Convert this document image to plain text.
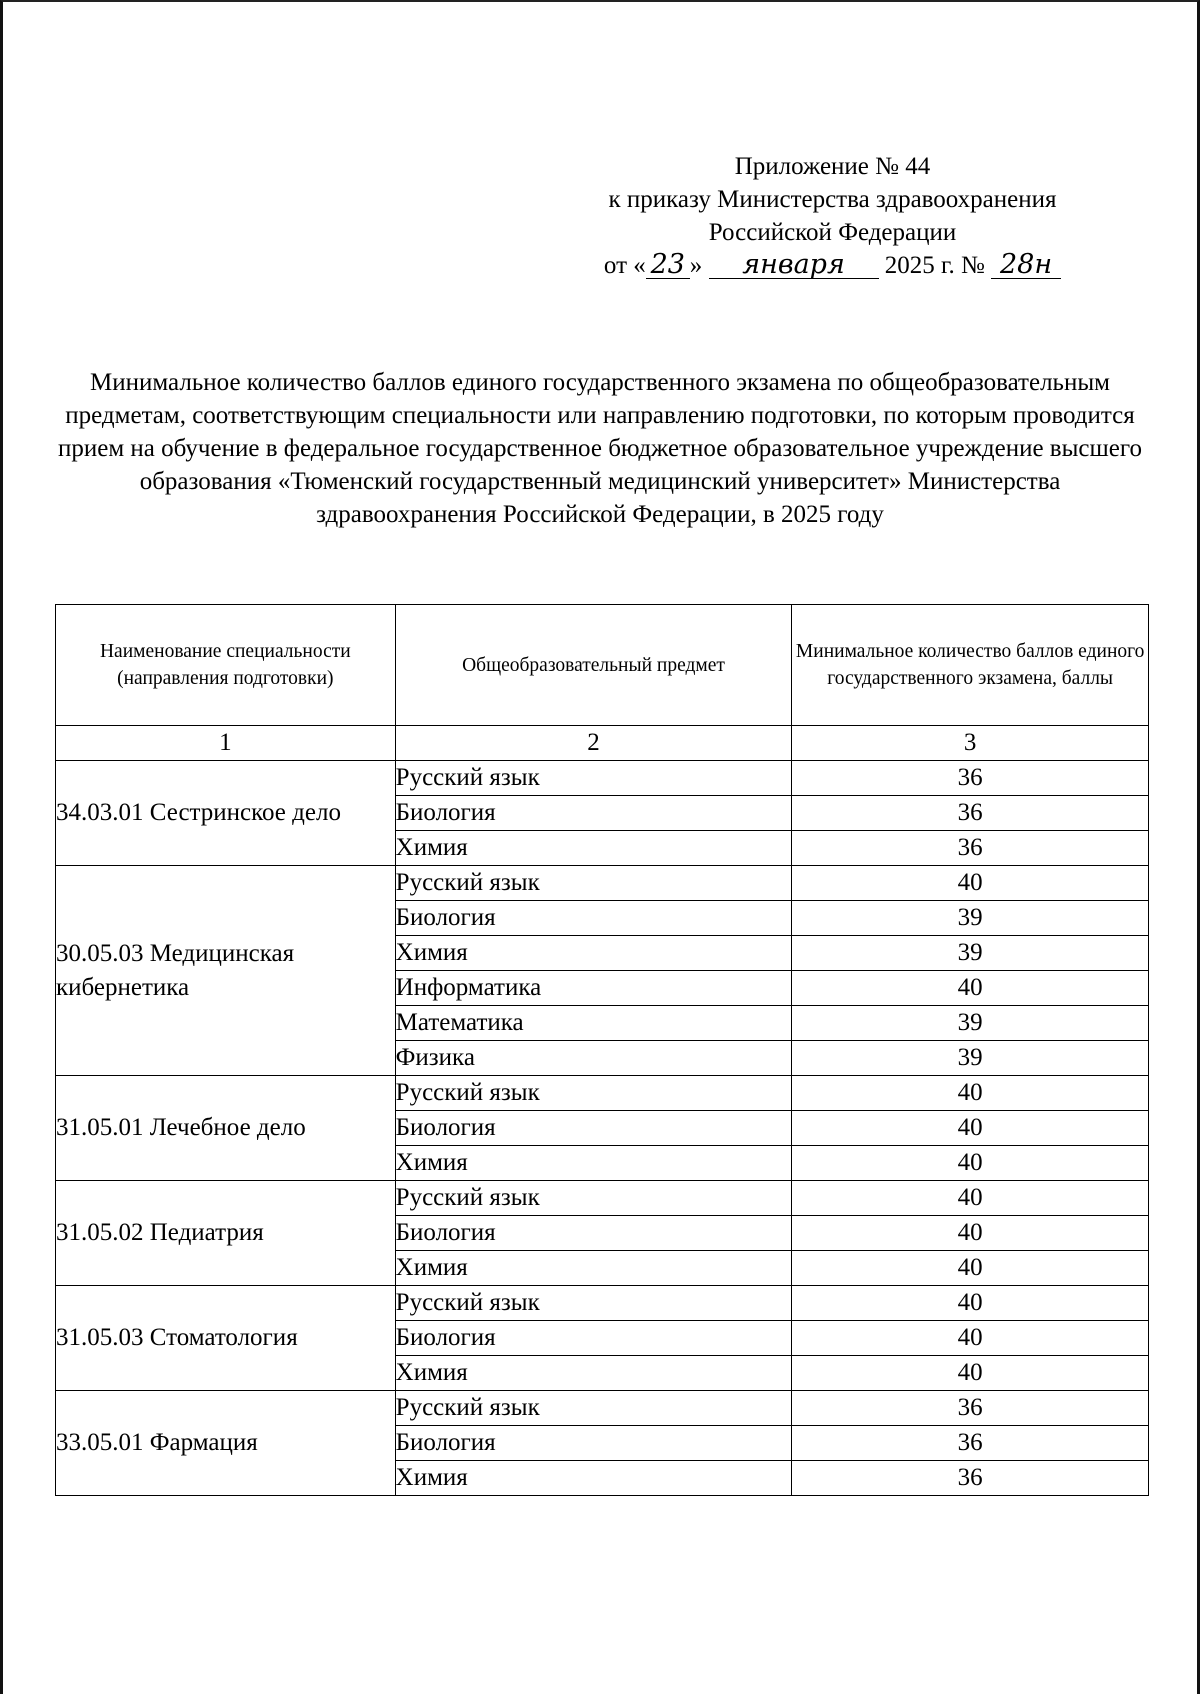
Приложение № 44
к приказу Министерства здравоохранения
Российской Федерации
от « 23 » января 2025 г. № 28н
Минимальное количество баллов единого государственного экзамена по общеобразовательным предметам, соответствующим специальности или направлению подготовки, по которым проводится прием на обучение в федеральное государственное бюджетное образовательное учреждение высшего образования «Тюменский государственный медицинский университет» Министерства здравоохранения Российской Федерации, в 2025 году
Наименование специальности (направления подготовки)	Общеобразовательный предмет	Минимальное количество баллов единого государственного экзамена, баллы
1	2	3
34.03.01 Сестринское дело	Русский язык	36
	Биология	36
	Химия	36
30.05.03 Медицинская кибернетика	Русский язык	40
	Биология	39
	Химия	39
	Информатика	40
	Математика	39
	Физика	39
31.05.01 Лечебное дело	Русский язык	40
	Биология	40
	Химия	40
31.05.02 Педиатрия	Русский язык	40
	Биология	40
	Химия	40
31.05.03 Стоматология	Русский язык	40
	Биология	40
	Химия	40
33.05.01 Фармация	Русский язык	36
	Биология	36
	Химия	36
